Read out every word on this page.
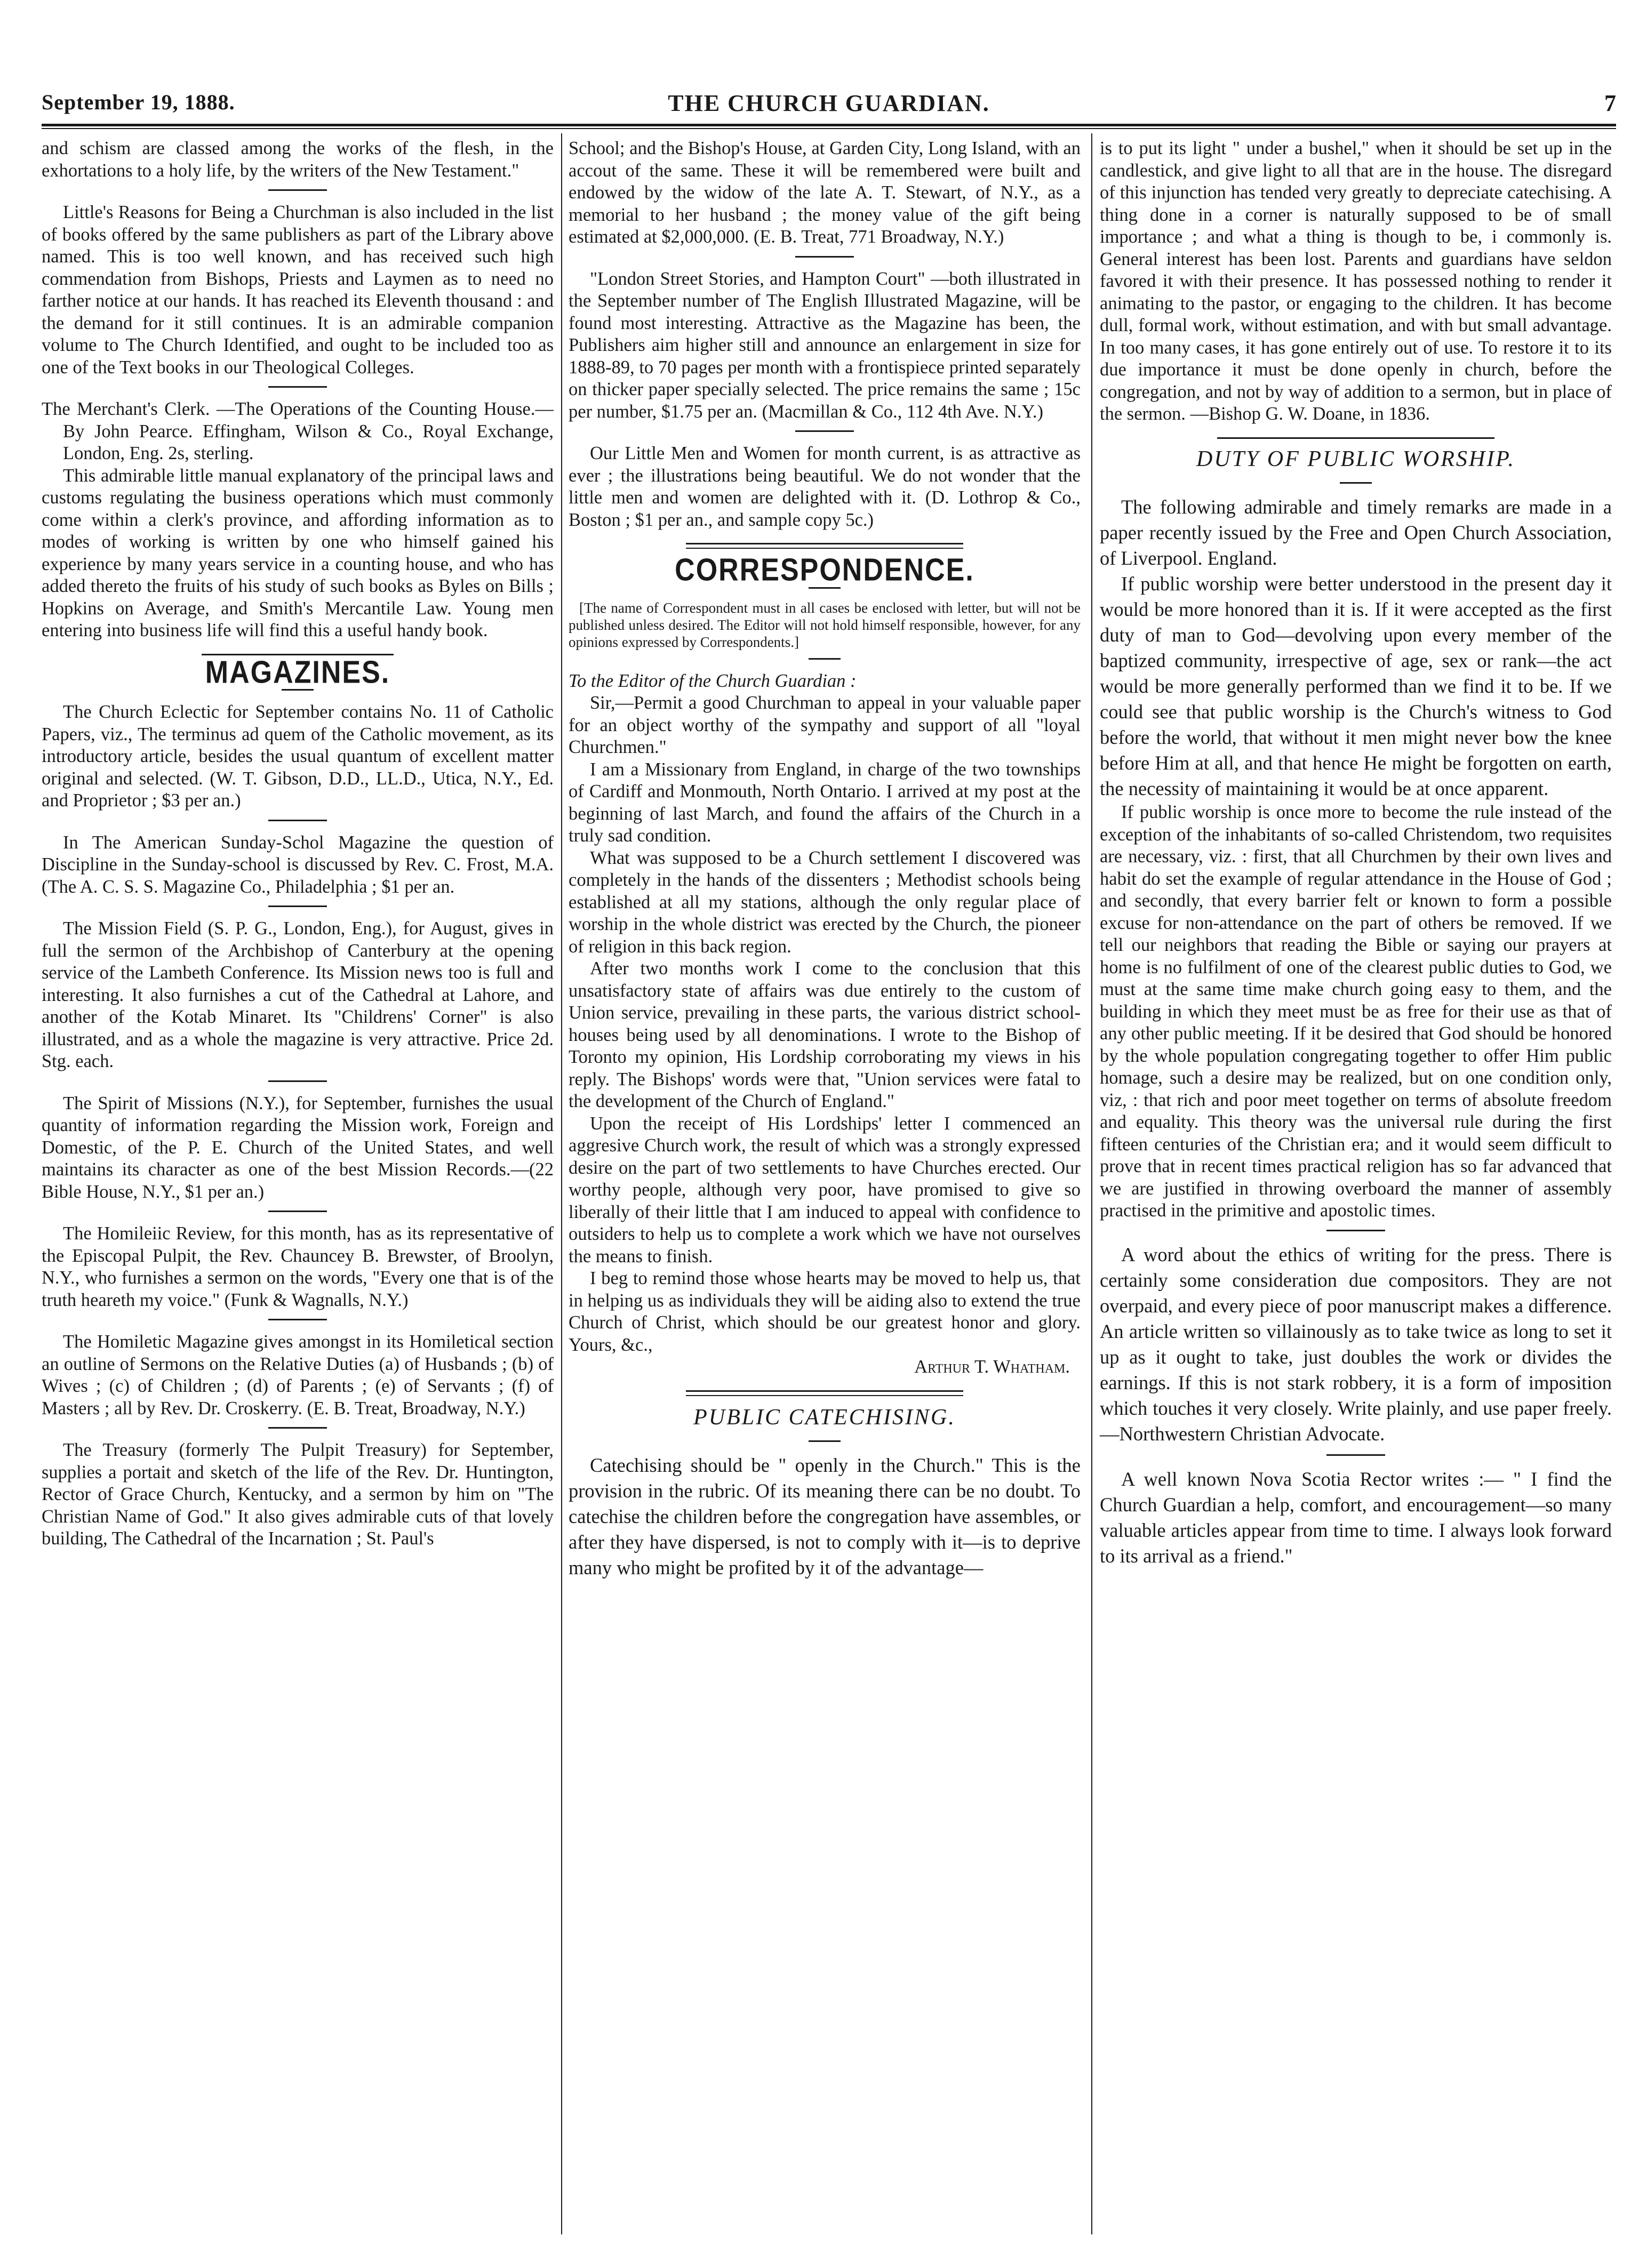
September 19, 1888.	THE CHURCH GUARDIAN.	7

and schism are classed among the works of the flesh, in the exhortations to a holy life, by the writers of the New Testament."

Little's Reasons for Being a Churchman is also included in the list of books offered by the same publishers as part of the Library above named. This is too well known, and has received such high commendation from Bishops, Priests and Laymen as to need no farther notice at our hands. It has reached its Eleventh thousand : and the demand for it still continues. It is an admirable companion volume to The Church Identified, and ought to be included too as one of the Text books in our Theological Colleges.

The Merchant's Clerk. —The Operations of the Counting House.—By John Pearce. Effingham, Wilson & Co., Royal Exchange, London, Eng. 2s, sterling.

This admirable little manual explanatory of the principal laws and customs regulating the business operations which must commonly come within a clerk's province, and affording information as to modes of working is written by one who himself gained his experience by many years service in a counting house, and who has added thereto the fruits of his study of such books as Byles on Bills ; Hopkins on Average, and Smith's Mercantile Law. Young men entering into business life will find this a useful handy book.

MAGAZINES.

The Church Eclectic for September contains No. 11 of Catholic Papers, viz., The terminus ad quem of the Catholic movement, as its introductory article, besides the usual quantum of excellent matter original and selected. (W. T. Gibson, D.D., LL.D., Utica, N.Y., Ed. and Proprietor ; $3 per an.)

In The American Sunday-Schol Magazine the question of Discipline in the Sunday-school is discussed by Rev. C. Frost, M.A. (The A. C. S. S. Magazine Co., Philadelphia ; $1 per an.

The Mission Field (S. P. G., London, Eng.), for August, gives in full the sermon of the Archbishop of Canterbury at the opening service of the Lambeth Conference. Its Mission news too is full and interesting. It also furnishes a cut of the Cathedral at Lahore, and another of the Kotab Minaret. Its "Childrens' Corner" is also illustrated, and as a whole the magazine is very attractive. Price 2d. Stg. each.

The Spirit of Missions (N.Y.), for September, furnishes the usual quantity of information regarding the Mission work, Foreign and Domestic, of the P. E. Church of the United States, and well maintains its character as one of the best Mission Records.—(22 Bible House, N.Y., $1 per an.)

The Homileiic Review, for this month, has as its representative of the Episcopal Pulpit, the Rev. Chauncey B. Brewster, of Broolyn, N.Y., who furnishes a sermon on the words, "Every one that is of the truth heareth my voice." (Funk & Wagnalls, N.Y.)

The Homiletic Magazine gives amongst in its Homiletical section an outline of Sermons on the Relative Duties (a) of Husbands ; (b) of Wives ; (c) of Children ; (d) of Parents ; (e) of Servants ; (f) of Masters ; all by Rev. Dr. Croskerry. (E. B. Treat, Broadway, N.Y.)

The Treasury (formerly The Pulpit Treasury) for September, supplies a portait and sketch of the life of the Rev. Dr. Huntington, Rector of Grace Church, Kentucky, and a sermon by him on "The Christian Name of God." It also gives admirable cuts of that lovely building, The Cathedral of the Incarnation ; St. Paul's

School; and the Bishop's House, at Garden City, Long Island, with an accout of the same. These it will be remembered were built and endowed by the widow of the late A. T. Stewart, of N.Y., as a memorial to her husband ; the money value of the gift being estimated at $2,000,000. (E. B. Treat, 771 Broadway, N.Y.)

"London Street Stories, and Hampton Court" —both illustrated in the September number of The English Illustrated Magazine, will be found most interesting. Attractive as the Magazine has been, the Publishers aim higher still and announce an enlargement in size for 1888-89, to 70 pages per month with a frontispiece printed separately on thicker paper specially selected. The price remains the same ; 15c per number, $1.75 per an. (Macmillan & Co., 112 4th Ave. N.Y.)

Our Little Men and Women for month current, is as attractive as ever ; the illustrations being beautiful. We do not wonder that the little men and women are delighted with it. (D. Lothrop & Co., Boston ; $1 per an., and sample copy 5c.)

CORRESPONDENCE.

[The name of Correspondent must in all cases be enclosed with letter, but will not be published unless desired. The Editor will not hold himself responsible, however, for any opinions expressed by Correspondents.]

To the Editor of the Church Guardian :

Sir,—Permit a good Churchman to appeal in your valuable paper for an object worthy of the sympathy and support of all "loyal Churchmen."

I am a Missionary from England, in charge of the two townships of Cardiff and Monmouth, North Ontario. I arrived at my post at the beginning of last March, and found the affairs of the Church in a truly sad condition.

What was supposed to be a Church settlement I discovered was completely in the hands of the dissenters ; Methodist schools being established at all my stations, although the only regular place of worship in the whole district was erected by the Church, the pioneer of religion in this back region.

After two months work I come to the conclusion that this unsatisfactory state of affairs was due entirely to the custom of Union service, prevailing in these parts, the various district school-houses being used by all denominations. I wrote to the Bishop of Toronto my opinion, His Lordship corroborating my views in his reply. The Bishops' words were that, "Union services were fatal to the development of the Church of England."

Upon the receipt of His Lordships' letter I commenced an aggresive Church work, the result of which was a strongly expressed desire on the part of two settlements to have Churches erected. Our worthy people, although very poor, have promised to give so liberally of their little that I am induced to appeal with confidence to outsiders to help us to complete a work which we have not ourselves the means to finish.

I beg to remind those whose hearts may be moved to help us, that in helping us as individuals they will be aiding also to extend the true Church of Christ, which should be our greatest honor and glory. Yours, &c.,

Arthur T. Whatham.

PUBLIC CATECHISING.

Catechising should be " openly in the Church." This is the provision in the rubric. Of its meaning there can be no doubt. To catechise the children before the congregation have assembles, or after they have dispersed, is not to comply with it—is to deprive many who might be profited by it of the advantage—

is to put its light " under a bushel," when it should be set up in the candlestick, and give light to all that are in the house. The disregard of this injunction has tended very greatly to depreciate catechising. A thing done in a corner is naturally supposed to be of small importance ; and what a thing is though to be, i commonly is. General interest has been lost. Parents and guardians have seldon favored it with their presence. It has possessed nothing to render it animating to the pastor, or engaging to the children. It has become dull, formal work, without estimation, and with but small advantage. In too many cases, it has gone entirely out of use. To restore it to its due importance it must be done openly in church, before the congregation, and not by way of addition to a sermon, but in place of the sermon. —Bishop G. W. Doane, in 1836.

DUTY OF PUBLIC WORSHIP.

The following admirable and timely remarks are made in a paper recently issued by the Free and Open Church Association, of Liverpool. England.

If public worship were better understood in the present day it would be more honored than it is. If it were accepted as the first duty of man to God—devolving upon every member of the baptized community, irrespective of age, sex or rank—the act would be more generally performed than we find it to be. If we could see that public worship is the Church's witness to God before the world, that without it men might never bow the knee before Him at all, and that hence He might be forgotten on earth, the necessity of maintaining it would be at once apparent.

If public worship is once more to become the rule instead of the exception of the inhabitants of so-called Christendom, two requisites are necessary, viz. : first, that all Churchmen by their own lives and habit do set the example of regular attendance in the House of God ; and secondly, that every barrier felt or known to form a possible excuse for non-attendance on the part of others be removed. If we tell our neighbors that reading the Bible or saying our prayers at home is no fulfilment of one of the clearest public duties to God, we must at the same time make church going easy to them, and the building in which they meet must be as free for their use as that of any other public meeting. If it be desired that God should be honored by the whole population congregating together to offer Him public homage, such a desire may be realized, but on one condition only, viz, : that rich and poor meet together on terms of absolute freedom and equality. This theory was the universal rule during the first fifteen centuries of the Christian era; and it would seem difficult to prove that in recent times practical religion has so far advanced that we are justified in throwing overboard the manner of assembly practised in the primitive and apostolic times.

A word about the ethics of writing for the press. There is certainly some consideration due compositors. They are not overpaid, and every piece of poor manuscript makes a difference. An article written so villainously as to take twice as long to set it up as it ought to take, just doubles the work or divides the earnings. If this is not stark robbery, it is a form of imposition which touches it very closely. Write plainly, and use paper freely.—Northwestern Christian Advocate.

A well known Nova Scotia Rector writes :— " I find the Church Guardian a help, comfort, and encouragement—so many valuable articles appear from time to time. I always look forward to its arrival as a friend."
